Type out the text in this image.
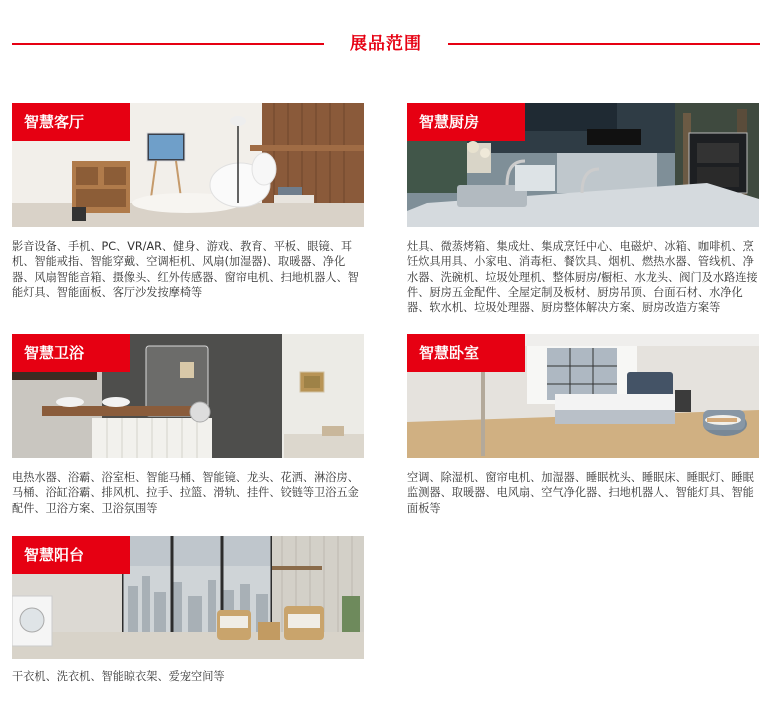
展品范围
智慧客厅
影音设备、手机、PC、VR/AR、健身、游戏、教育、平板、眼镜、耳机、智能戒指、智能穿戴、空调柜机、风扇(加湿器)、取暖器、净化器、风扇智能音箱、摄像头、红外传感器、窗帘电机、扫地机器人、智能灯具、智能面板、客厅沙发按摩椅等
智慧厨房
灶具、微蒸烤箱、集成灶、集成烹饪中心、电磁炉、冰箱、咖啡机、烹饪炊具用具、小家电、消毒柜、餐饮具、烟机、燃热水器、管线机、净水器、洗碗机、垃圾处理机、整体厨房/橱柜、水龙头、阀门及水路连接件、厨房五金配件、全屋定制及板材、厨房吊顶、台面石材、水净化器、软水机、垃圾处理器、厨房整体解决方案、厨房改造方案等
智慧卫浴
电热水器、浴霸、浴室柜、智能马桶、智能镜、龙头、花洒、淋浴房、马桶、浴缸浴霸、排风机、拉手、拉篮、滑轨、挂件、铰链等卫浴五金配件、卫浴方案、卫浴氛围等
智慧卧室
空调、除湿机、窗帘电机、加湿器、睡眠枕头、睡眠床、睡眠灯、睡眠监测器、取暖器、电风扇、空气净化器、扫地机器人、智能灯具、智能面板等
智慧阳台
干衣机、洗衣机、智能晾衣架、爱宠空间等
